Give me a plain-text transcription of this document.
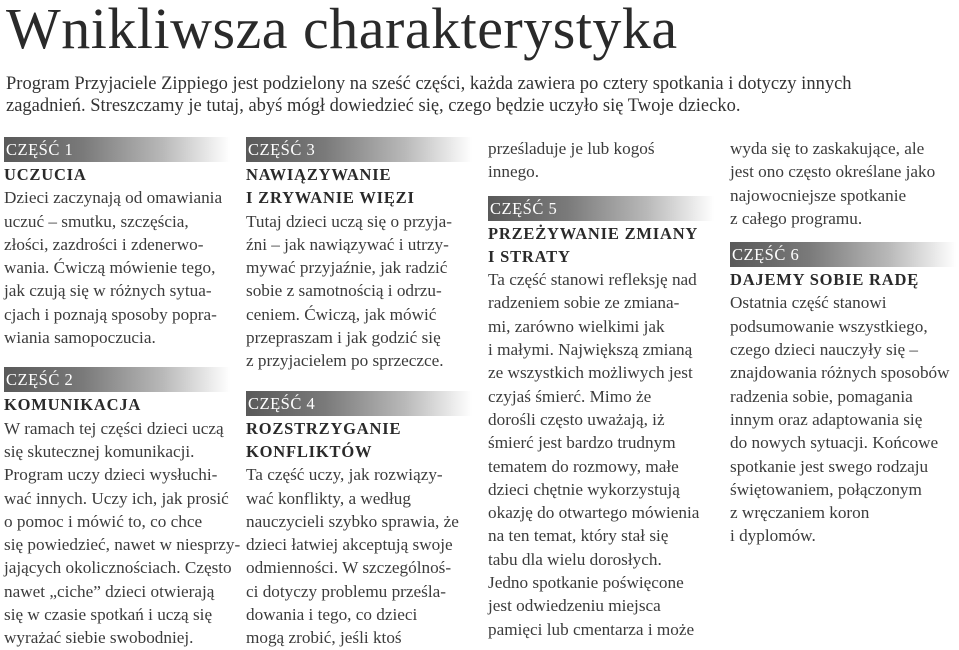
Wnikliwsza charakterystyka

Program Przyjaciele Zippiego jest podzielony na sześć części, każda zawiera po cztery spotkania i dotyczy innych
zagadnień. Streszczamy je tutaj, abyś mógł dowiedzieć się, czego będzie uczyło się Twoje dziecko.

CZĘŚĆ 1
UCZUCIA
Dzieci zaczynają od omawiania
uczuć – smutku, szczęścia,
złości, zazdrości i zdenerwo-
wania. Ćwiczą mówienie tego,
jak czują się w różnych sytua-
cjach i poznają sposoby popra-
wiania samopoczucia.
CZĘŚĆ 2
KOMUNIKACJA
W ramach tej części dzieci uczą
się skutecznej komunikacji.
Program uczy dzieci wysłuchi-
wać innych. Uczy ich, jak prosić
o pomoc i mówić to, co chce
się powiedzieć, nawet w niesprzy-
jających okolicznościach. Często
nawet „ciche” dzieci otwierają
się w czasie spotkań i uczą się
wyrażać siebie swobodniej.
CZĘŚĆ 3
NAWIĄZYWANIE
I ZRYWANIE WIĘZI
Tutaj dzieci uczą się o przyja-
źni – jak nawiązywać i utrzy-
mywać przyjaźnie, jak radzić
sobie z samotnością i odrzu-
ceniem. Ćwiczą, jak mówić
przepraszam i jak godzić się
z przyjacielem po sprzeczce.
CZĘŚĆ 4
ROZSTRZYGANIE
KONFLIKTÓW
Ta część uczy, jak rozwiązy-
wać konflikty, a według
nauczycieli szybko sprawia, że
dzieci łatwiej akceptują swoje
odmienności. W szczególnoś-
ci dotyczy problemu prześla-
dowania i tego, co dzieci
mogą zrobić, jeśli ktoś
prześladuje je lub kogoś
innego.
CZĘŚĆ 5
PRZEŻYWANIE ZMIANY
I STRATY
Ta część stanowi refleksję nad
radzeniem sobie ze zmiana-
mi, zarówno wielkimi jak
i małymi. Największą zmianą
ze wszystkich możliwych jest
czyjaś śmierć. Mimo że
dorośli często uważają, iż
śmierć jest bardzo trudnym
tematem do rozmowy, małe
dzieci chętnie wykorzystują
okazję do otwartego mówienia
na ten temat, który stał się
tabu dla wielu dorosłych.
Jedno spotkanie poświęcone
jest odwiedzeniu miejsca
pamięci lub cmentarza i może
wyda się to zaskakujące, ale
jest ono często określane jako
najowocniejsze spotkanie
z całego programu.
CZĘŚĆ 6
DAJEMY SOBIE RADĘ
Ostatnia część stanowi
podsumowanie wszystkiego,
czego dzieci nauczyły się –
znajdowania różnych sposobów
radzenia sobie, pomagania
innym oraz adaptowania się
do nowych sytuacji. Końcowe
spotkanie jest swego rodzaju
świętowaniem, połączonym
z wręczaniem koron
i dyplomów.
